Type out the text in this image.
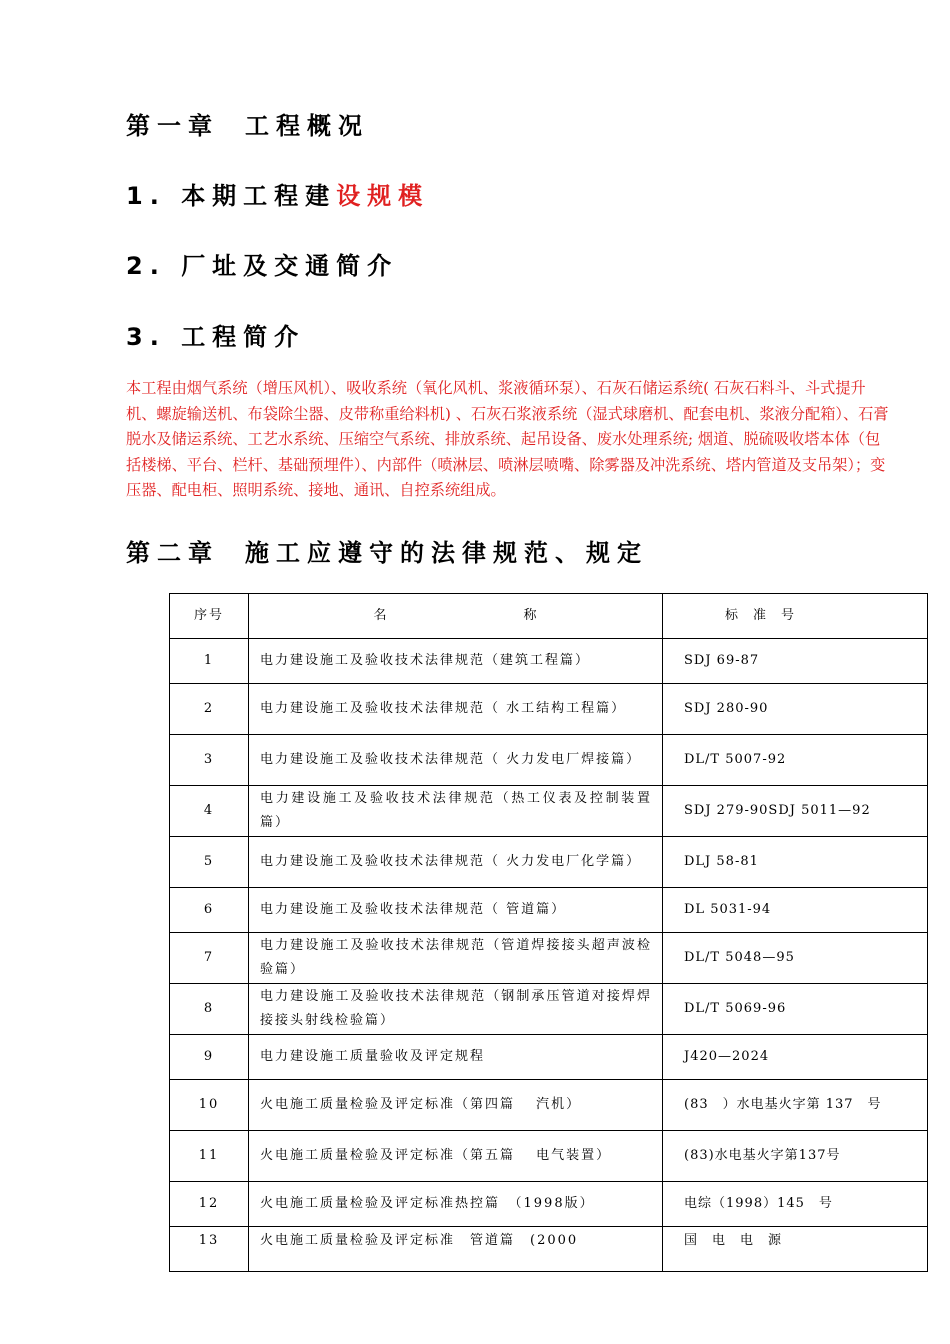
第一章 工程概况
1. 本期工程建设规模
2. 厂址及交通简介
3. 工程简介
本工程由烟气系统（增压风机）、吸收系统（氧化风机、浆液循环泵）、石灰石储运系统( 石灰石料斗、斗式提升机、螺旋输送机、布袋除尘器、皮带称重给料机) 、石灰石浆液系统（湿式球磨机、配套电机、浆液分配箱）、石膏脱水及储运系统、工艺水系统、压缩空气系统、排放系统、起吊设备、废水处理系统; 烟道、脱硫吸收塔本体（包括楼梯、平台、栏杆、基础预埋件）、内部件（喷淋层、喷淋层喷嘴、除雾器及冲洗系统、塔内管道及支吊架）；变压器、配电柜、照明系统、接地、通讯、自控系统组成。
第二章 施工应遵守的法律规范、规定
序号	名　　　　　　　　　称	标　准　号
1	电力建设施工及验收技术法律规范（建筑工程篇）	SDJ 69-87
2	电力建设施工及验收技术法律规范（ 水工结构工程篇）	SDJ 280-90
3	电力建设施工及验收技术法律规范（ 火力发电厂焊接篇）	DL/T 5007-92
4	电力建设施工及验收技术法律规范（热工仪表及控制装置篇）	SDJ 279-90SDJ 5011—92
5	电力建设施工及验收技术法律规范（ 火力发电厂化学篇）	DLJ 58-81
6	电力建设施工及验收技术法律规范（ 管道篇）	DL 5031-94
7	电力建设施工及验收技术法律规范（管道焊接接头超声波检验篇）	DL/T 5048—95
8	电力建设施工及验收技术法律规范（钢制承压管道对接焊焊接接头射线检验篇）	DL/T 5069-96
9	电力建设施工质量验收及评定规程	J420—2024
10	火电施工质量检验及评定标准（第四篇　 汽机）	(83　）水电基火字第 137　号
11	火电施工质量检验及评定标准（第五篇　 电气装置）	(83)水电基火字第137号
12	火电施工质量检验及评定标准热控篇　（1998版）	电综（1998）145　号
13	火电施工质量检验及评定标准　管道篇　(2000	国　电　电　源
